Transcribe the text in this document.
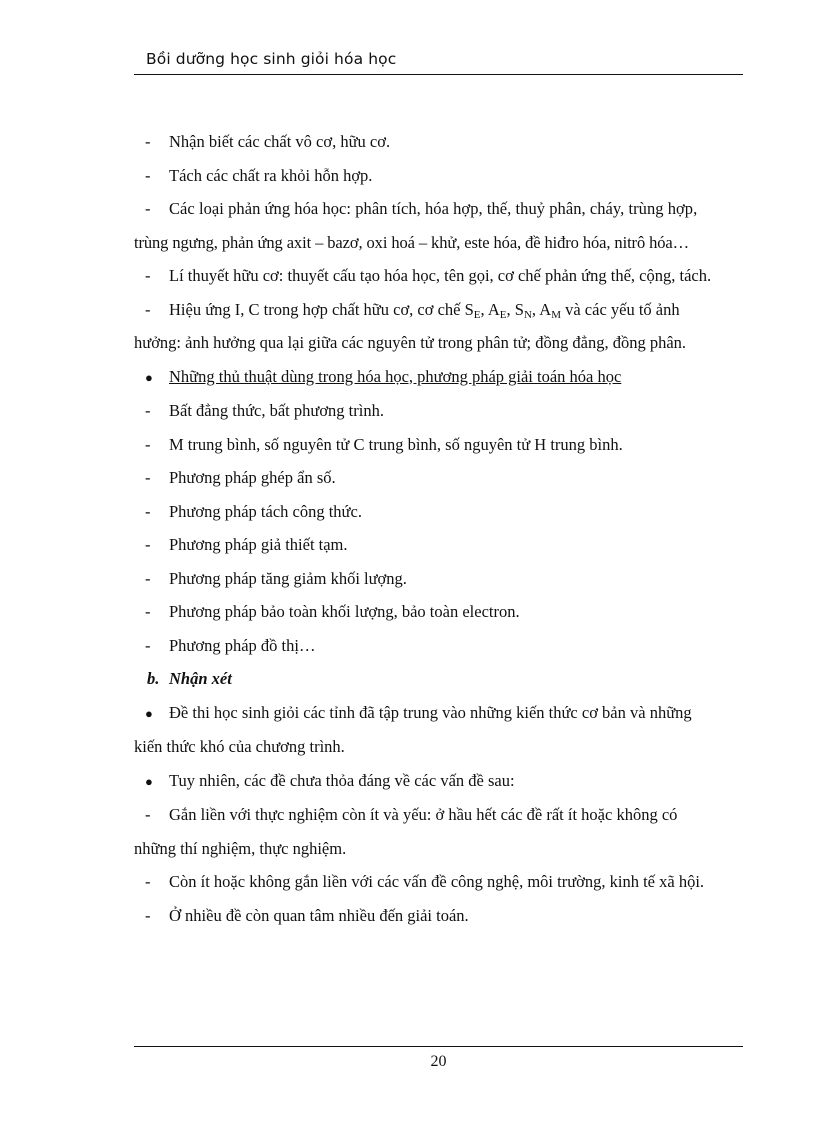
Bồi dưỡng học sinh giỏi hóa học

- Nhận biết các chất vô cơ, hữu cơ.

- Tách các chất ra khỏi hỗn hợp.

- Các loại phản ứng hóa học: phân tích, hóa hợp, thế, thuỷ phân, cháy, trùng hợp,
trùng ngưng, phản ứng axit – bazơ, oxi hoá – khử, este hóa, đề hiđro hóa, nitrô hóa…

- Lí thuyết hữu cơ: thuyết cấu tạo hóa học, tên gọi, cơ chế phản ứng thế, cộng, tách.

- Hiệu ứng I, C trong hợp chất hữu cơ, cơ chế $S_E$, $A_E$, $S_N$, $A_M$ và các yếu tố ảnh
hưởng: ảnh hưởng qua lại giữa các nguyên tử trong phân tử; đồng đẳng, đồng phân.

● Những thủ thuật dùng trong hóa học, phương pháp giải toán hóa học

- Bất đẳng thức, bất phương trình.

- M trung bình, số nguyên tử C trung bình, số nguyên tử H trung bình.

- Phương pháp ghép ẩn số.

- Phương pháp tách công thức.

- Phương pháp giả thiết tạm.

- Phương pháp tăng giảm khối lượng.

- Phương pháp bảo toàn khối lượng, bảo toàn electron.

- Phương pháp đồ thị…

b. Nhận xét

● Đề thi học sinh giỏi các tỉnh đã tập trung vào những kiến thức cơ bản và những
kiến thức khó của chương trình.

● Tuy nhiên, các đề chưa thỏa đáng về các vấn đề sau:

- Gắn liền với thực nghiệm còn ít và yếu: ở hầu hết các đề rất ít hoặc không có
những thí nghiệm, thực nghiệm.

- Còn ít hoặc không gắn liền với các vấn đề công nghệ, môi trường, kinh tế xã hội.

- Ở nhiều đề còn quan tâm nhiều đến giải toán.

20
